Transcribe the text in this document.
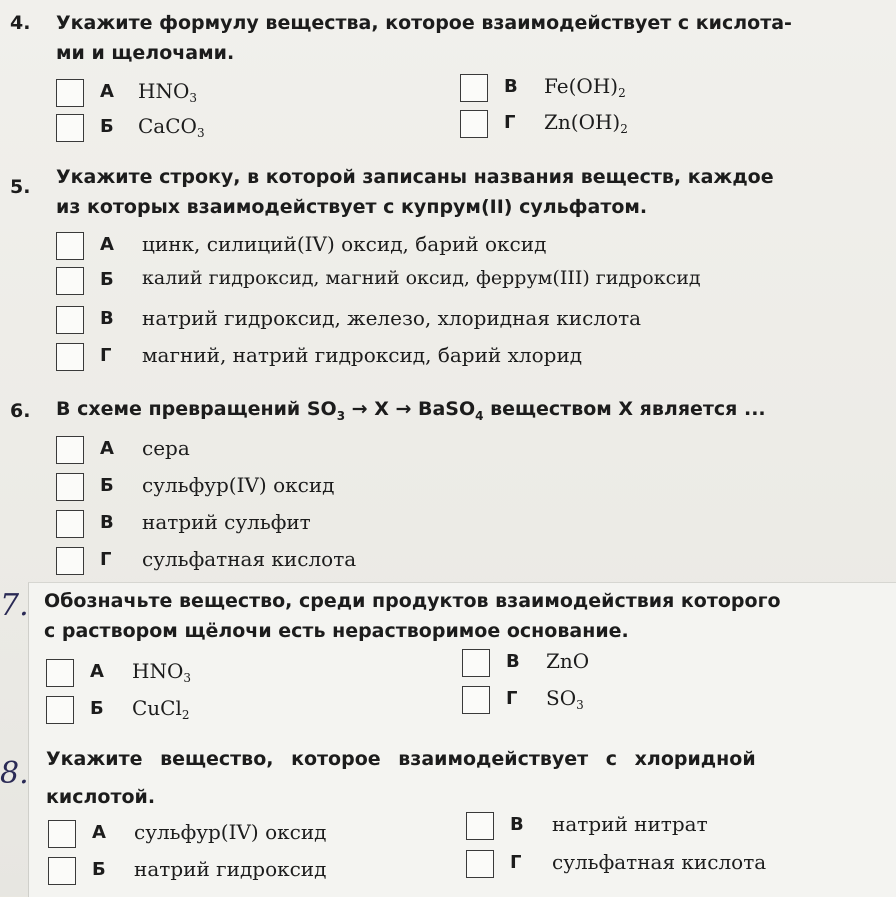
4. Укажите формулу вещества, которое взаимодействует с кислота-
ми и щелочами.
А $HNO_3$
Б CaCO$_3$
В $Fe(OH)_2$
Г $Zn(OH)_2$
5. Укажите строку, в которой записаны названия веществ, каждое
из которых взаимодействует с купрум(II) сульфатом.
А цинк, силиций(IV) оксид, барий оксид
Б калий гидроксид, магний оксид, феррум(III) гидроксид
В натрий гидроксид, железо, хлоридная кислота
Г магний, натрий гидроксид, барий хлорид
6. В схеме превращений $SO_3 \to X$ → BaSO$_4$ веществом X является ...
А сера
Б сульфур(IV) оксид
В натрий сульфит
Г сульфатная кислота
7. Обозначьте вещество, среди продуктов взаимодействия которого
с раствором щёлочи есть нерастворимое основание.
А $HNO_3$
Б CuCl$_2$
В ZnO
Г $SO_3$
8. Укажите вещество, которое взаимодействует с хлоридной
кислотой.
А сульфур(IV) оксид
Б натрий гидроксид
В натрий нитрат
Г сульфатная кислота
